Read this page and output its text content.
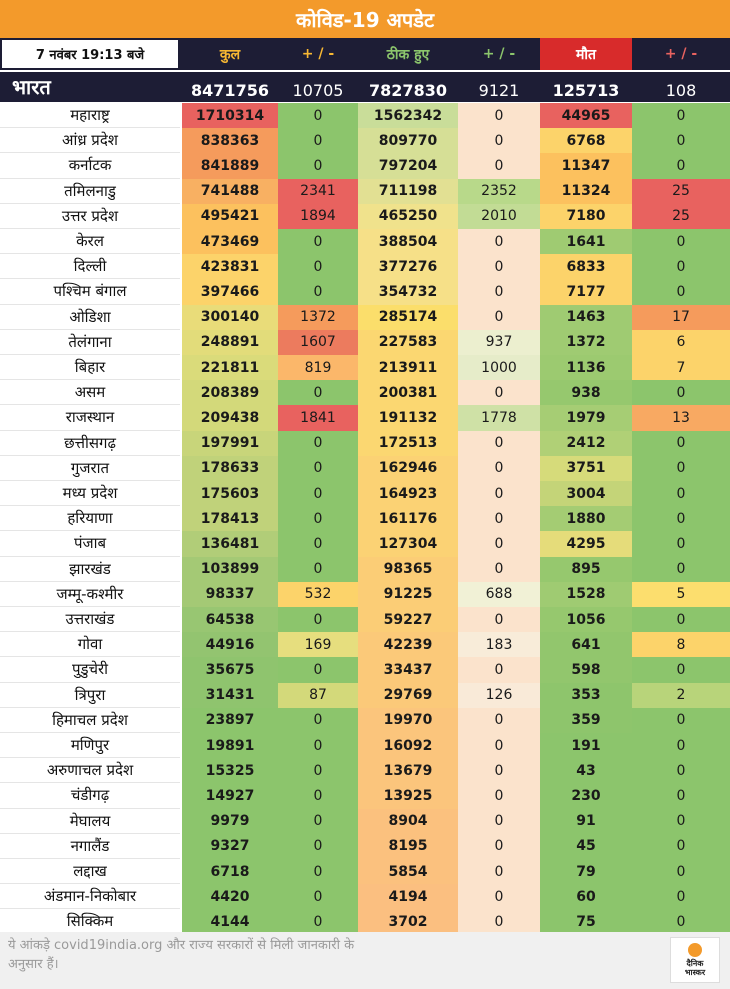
कोविड-19 अपडेट
7 नवंबर 19:13 बजे	कुल	+ / -	ठीक हुए	+ / -	मौत	+ / -
भारत	8471756	10705	7827830	9121	125713	108
महाराष्ट्र	1710314	0	1562342	0	44965	0
आंध्र प्रदेश	838363	0	809770	0	6768	0
कर्नाटक	841889	0	797204	0	11347	0
तमिलनाडु	741488	2341	711198	2352	11324	25
उत्तर प्रदेश	495421	1894	465250	2010	7180	25
केरल	473469	0	388504	0	1641	0
दिल्ली	423831	0	377276	0	6833	0
पश्चिम बंगाल	397466	0	354732	0	7177	0
ओडिशा	300140	1372	285174	0	1463	17
तेलंगाना	248891	1607	227583	937	1372	6
बिहार	221811	819	213911	1000	1136	7
असम	208389	0	200381	0	938	0
राजस्थान	209438	1841	191132	1778	1979	13
छत्तीसगढ़	197991	0	172513	0	2412	0
गुजरात	178633	0	162946	0	3751	0
मध्य प्रदेश	175603	0	164923	0	3004	0
हरियाणा	178413	0	161176	0	1880	0
पंजाब	136481	0	127304	0	4295	0
झारखंड	103899	0	98365	0	895	0
जम्मू-कश्मीर	98337	532	91225	688	1528	5
उत्तराखंड	64538	0	59227	0	1056	0
गोवा	44916	169	42239	183	641	8
पुडुचेरी	35675	0	33437	0	598	0
त्रिपुरा	31431	87	29769	126	353	2
हिमाचल प्रदेश	23897	0	19970	0	359	0
मणिपुर	19891	0	16092	0	191	0
अरुणाचल प्रदेश	15325	0	13679	0	43	0
चंडीगढ़	14927	0	13925	0	230	0
मेघालय	9979	0	8904	0	91	0
नगालैंड	9327	0	8195	0	45	0
लद्दाख	6718	0	5854	0	79	0
अंडमान-निकोबार	4420	0	4194	0	60	0
सिक्किम	4144	0	3702	0	75	0
ये आंकड़े covid19india.org और राज्य सरकारों से मिली जानकारी के अनुसार हैं।	दैनिक
भास्कर
